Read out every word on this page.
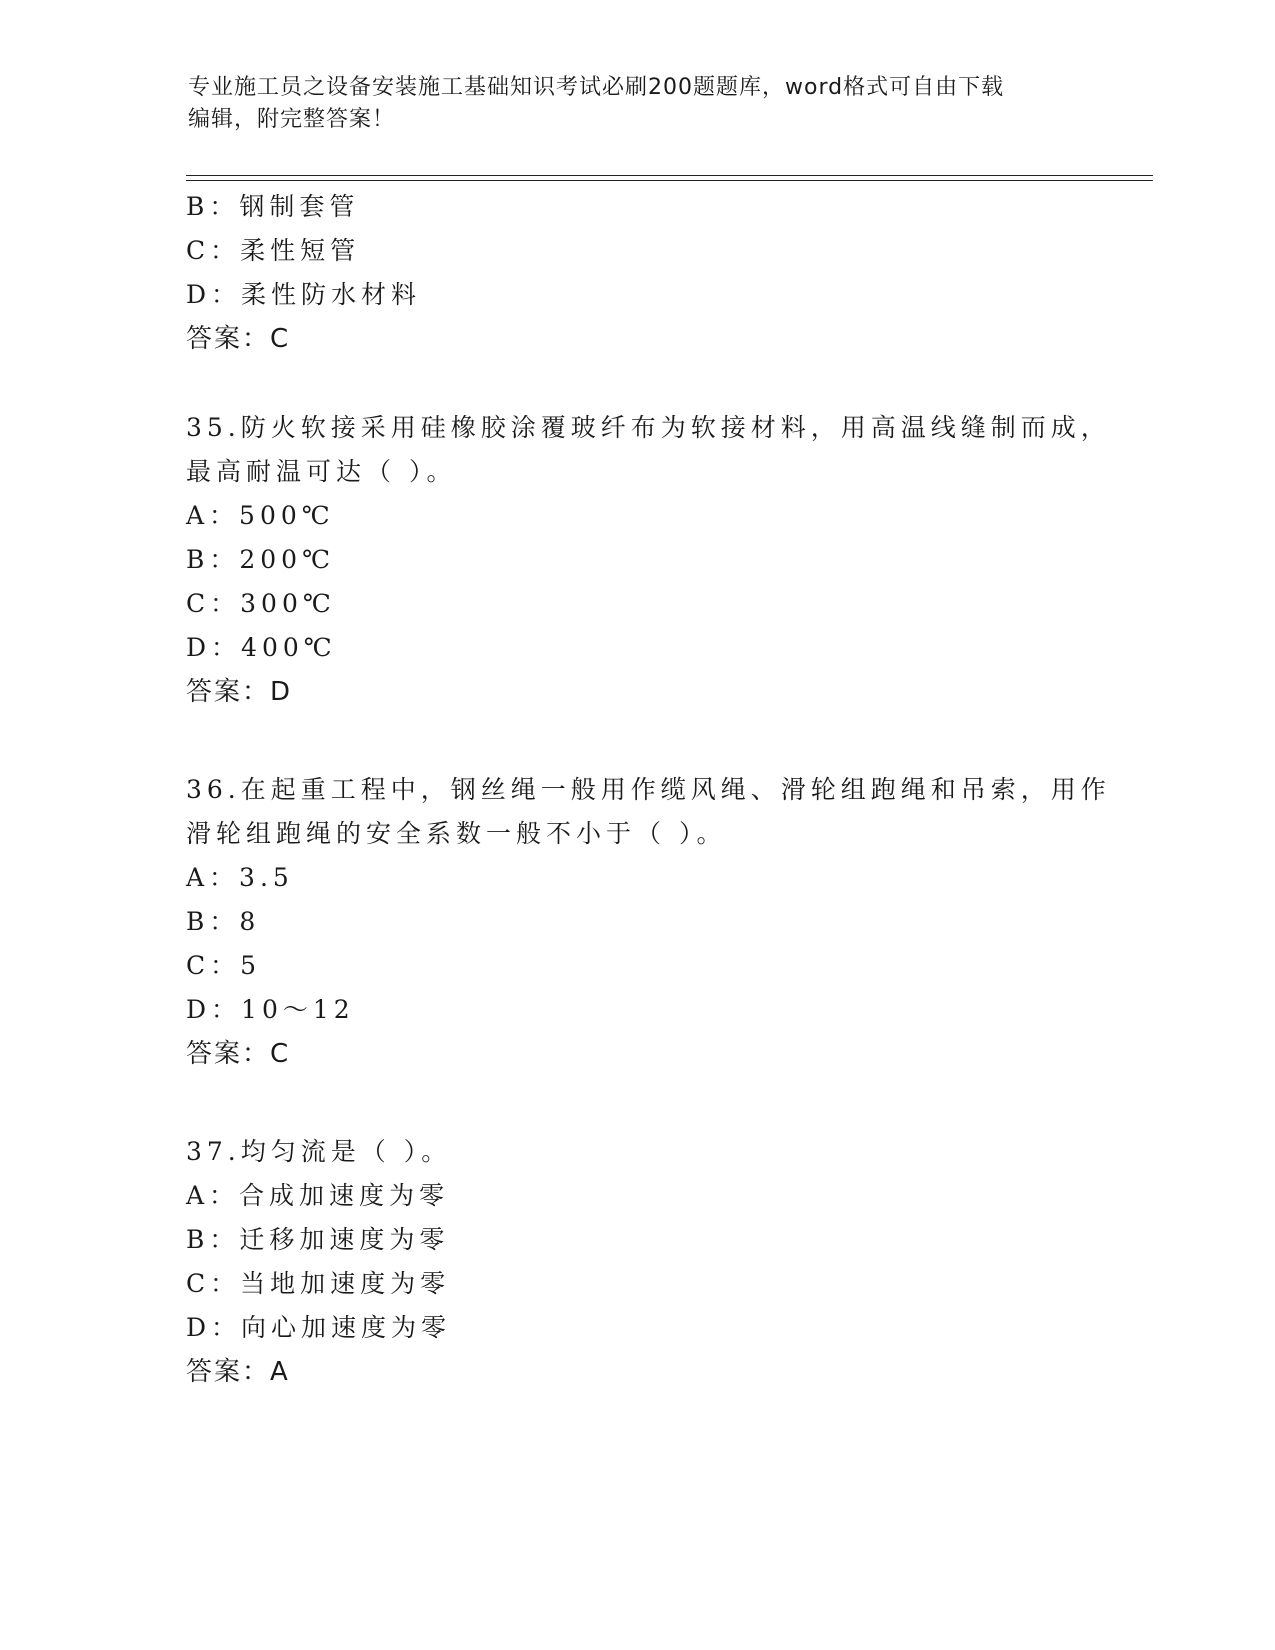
专业施工员之设备安装施工基础知识考试必刷200题题库，word格式可自由下载
编辑，附完整答案！
B：钢制套管
C：柔性短管
D：柔性防水材料
答案：C
35.防火软接采用硅橡胶涂覆玻纤布为软接材料，用高温线缝制而成，
最高耐温可达（ ）。
A：500℃
B：200℃
C：300℃
D：400℃
答案：D
36.在起重工程中，钢丝绳一般用作缆风绳、滑轮组跑绳和吊索，用作
滑轮组跑绳的安全系数一般不小于（ ）。
A：3.5
B：8
C：5
D：10～12
答案：C
37.均匀流是（ ）。
A：合成加速度为零
B：迁移加速度为零
C：当地加速度为零
D：向心加速度为零
答案：A
